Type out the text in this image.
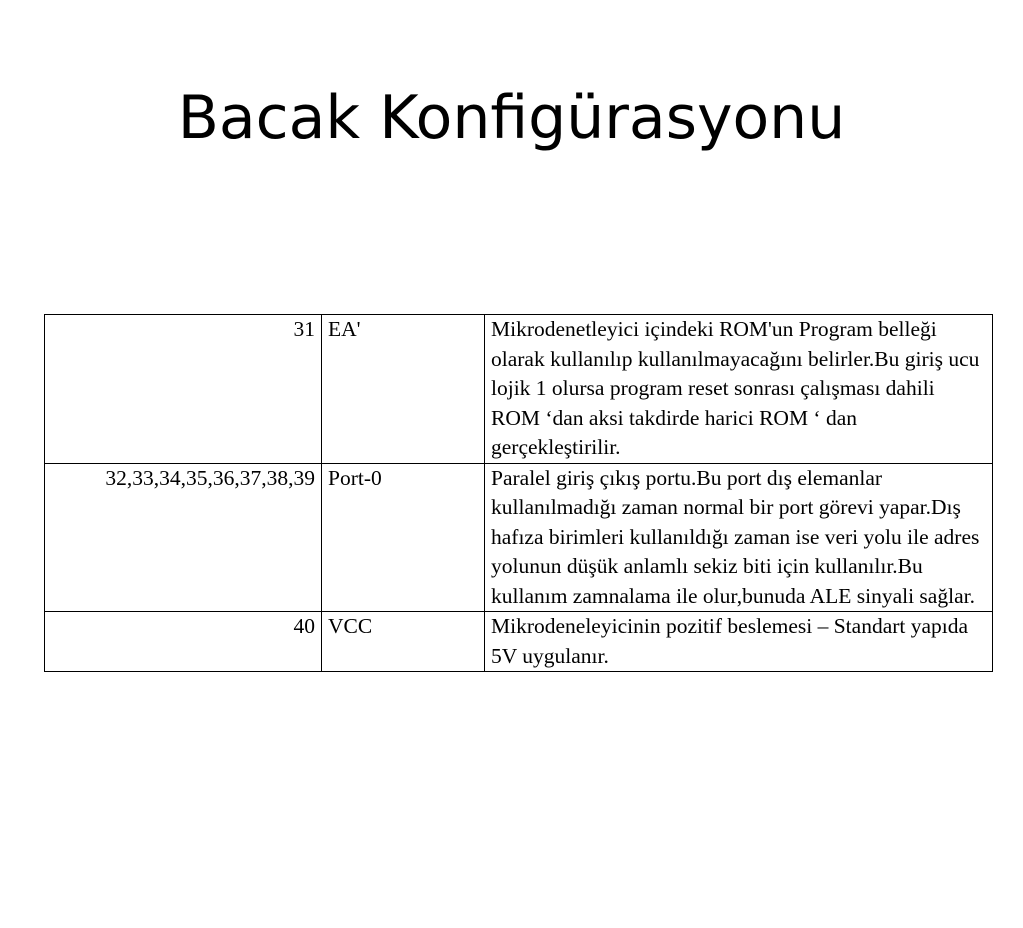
Bacak Konfigürasyonu
31	EA'	Mikrodenetleyici içindeki ROM'un Program belleği olarak kullanılıp kullanılmayacağını belirler.Bu giriş ucu lojik 1 olursa program reset sonrası çalışması dahili ROM ‘dan aksi takdirde harici ROM ‘ dan gerçekleştirilir.
32,33,34,35,36,37,38,39	Port-0	Paralel giriş çıkış portu.Bu port dış elemanlar kullanılmadığı zaman normal bir port görevi yapar.Dış hafıza birimleri kullanıldığı zaman ise veri yolu ile adres yolunun düşük anlamlı sekiz biti için kullanılır.Bu kullanım zamnalama ile olur,bunuda ALE sinyali sağlar.
40	VCC	Mikrodeneleyicinin pozitif beslemesi – Standart yapıda 5V uygulanır.
